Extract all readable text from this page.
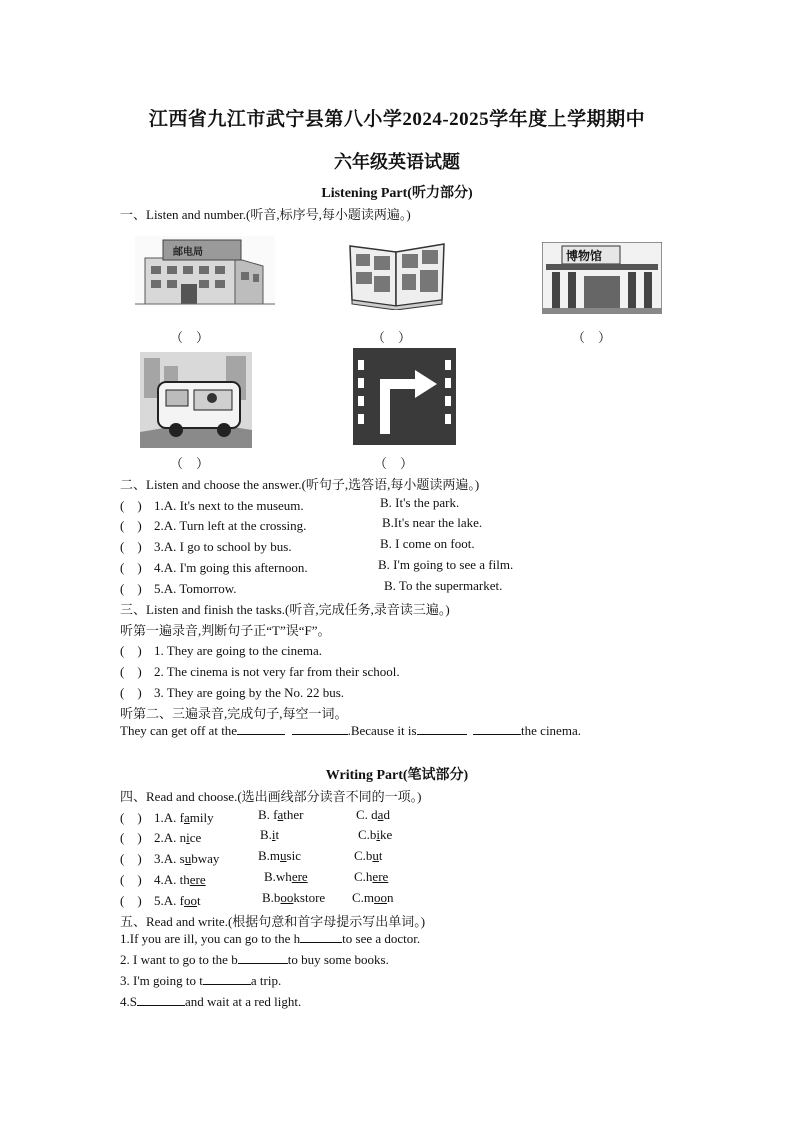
江西省九江市武宁县第八小学2024-2025学年度上学期期中
六年级英语试题
Listening Part(听力部分)
一、Listen and number.(听音,标序号,每小题读两遍。)
邮电局	博物馆
（　）	（　）	（　）
（　）	（　）
二、Listen and choose the answer.(听句子,选答语,每小题读两遍。)
(　) 1.A. It's next to the museum.	B. It's the park.
(　) 2.A. Turn left at the crossing.	B.It's near the lake.
(　) 3.A. I go to school by bus.	B. I come on foot.
(　) 4.A. I'm going this afternoon.	B. I'm going to see a film.
(　) 5.A. Tomorrow.	B. To the supermarket.
三、Listen and finish the tasks.(听音,完成任务,录音读三遍。)
听第一遍录音,判断句子正“T”误“F”。
(　) 1. They are going to the cinema.
(　) 2. The cinema is not very far from their school.
(　) 3. They are going by the No. 22 bus.
听第二、三遍录音,完成句子,每空一词。
They can get off at the	.Because it is	the cinema.
Writing Part(笔试部分)
四、Read and choose.(选出画线部分读音不同的一项。)
(　) 1.A. family	B. father	C. dad
(　) 2.A. nice	B.it	C.bike
(　) 3.A. subway	B.music	C.but
(　) 4.A. there	B.where	C.here
(　) 5.A. foot	B.bookstore C.moon
五、Read and write.(根据句意和首字母提示写出单词。)
1.If you are ill, you can go to the h	to see a doctor.
2. I want to go to the b	to buy some books.
3. I'm going to t	a trip.
4.S	and wait at a red light.
